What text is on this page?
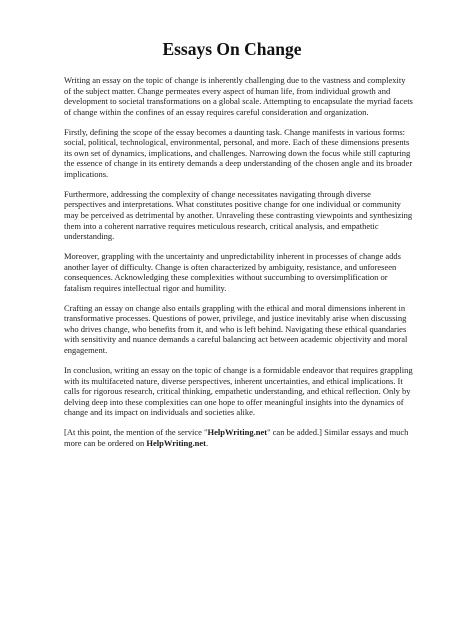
Essays On Change

Writing an essay on the topic of change is inherently challenging due to the vastness and complexity of the subject matter. Change permeates every aspect of human life, from individual growth and development to societal transformations on a global scale. Attempting to encapsulate the myriad facets of change within the confines of an essay requires careful consideration and organization.

Firstly, defining the scope of the essay becomes a daunting task. Change manifests in various forms: social, political, technological, environmental, personal, and more. Each of these dimensions presents its own set of dynamics, implications, and challenges. Narrowing down the focus while still capturing the essence of change in its entirety demands a deep understanding of the chosen angle and its broader implications.

Furthermore, addressing the complexity of change necessitates navigating through diverse perspectives and interpretations. What constitutes positive change for one individual or community may be perceived as detrimental by another. Unraveling these contrasting viewpoints and synthesizing them into a coherent narrative requires meticulous research, critical analysis, and empathetic understanding.

Moreover, grappling with the uncertainty and unpredictability inherent in processes of change adds another layer of difficulty. Change is often characterized by ambiguity, resistance, and unforeseen consequences. Acknowledging these complexities without succumbing to oversimplification or fatalism requires intellectual rigor and humility.

Crafting an essay on change also entails grappling with the ethical and moral dimensions inherent in transformative processes. Questions of power, privilege, and justice inevitably arise when discussing who drives change, who benefits from it, and who is left behind. Navigating these ethical quandaries with sensitivity and nuance demands a careful balancing act between academic objectivity and moral engagement.

In conclusion, writing an essay on the topic of change is a formidable endeavor that requires grappling with its multifaceted nature, diverse perspectives, inherent uncertainties, and ethical implications. It calls for rigorous research, critical thinking, empathetic understanding, and ethical reflection. Only by delving deep into these complexities can one hope to offer meaningful insights into the dynamics of change and its impact on individuals and societies alike.

[At this point, the mention of the service "HelpWriting.net" can be added.] Similar essays and much more can be ordered on HelpWriting.net.
